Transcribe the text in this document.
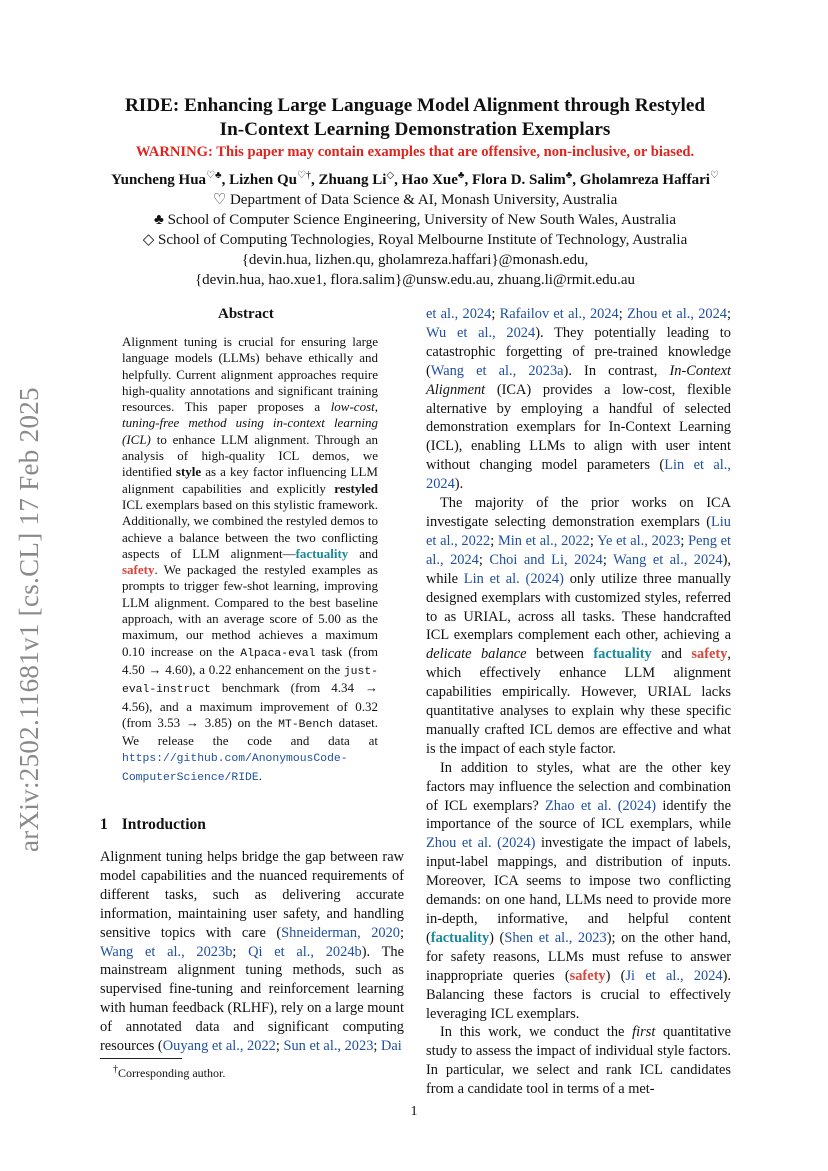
arXiv:2502.11681v1 [cs.CL] 17 Feb 2025
RIDE: Enhancing Large Language Model Alignment through Restyled
In-Context Learning Demonstration Exemplars
WARNING: This paper may contain examples that are offensive, non-inclusive, or biased.
Yuncheng Hua♡♣, Lizhen Qu♡†, Zhuang Li◇, Hao Xue♣, Flora D. Salim♣, Gholamreza Haffari♡
♡ Department of Data Science & AI, Monash University, Australia
♣ School of Computer Science Engineering, University of New South Wales, Australia
◇ School of Computing Technologies, Royal Melbourne Institute of Technology, Australia
{devin.hua, lizhen.qu, gholamreza.haffari}@monash.edu,
{devin.hua, hao.xue1, flora.salim}@unsw.edu.au, zhuang.li@rmit.edu.au
Abstract
Alignment tuning is crucial for ensuring large language models (LLMs) behave ethically and helpfully. Current alignment approaches require high-quality annotations and significant training resources. This paper proposes a low-cost, tuning-free method using in-context learning (ICL) to enhance LLM alignment. Through an analysis of high-quality ICL demos, we identified style as a key factor influencing LLM alignment capabilities and explicitly restyled ICL exemplars based on this stylistic framework. Additionally, we combined the restyled demos to achieve a balance between the two conflicting aspects of LLM alignment—factuality and safety. We packaged the restyled examples as prompts to trigger few-shot learning, improving LLM alignment. Compared to the best baseline approach, with an average score of 5.00 as the maximum, our method achieves a maximum 0.10 increase on the Alpaca-eval task (from 4.50 → 4.60), a 0.22 enhancement on the just-eval-instruct benchmark (from 4.34 → 4.56), and a maximum improvement of 0.32 (from 3.53 → 3.85) on the MT-Bench dataset. We release the code and data at https://github.com/AnonymousCode-ComputerScience/RIDE.
1 Introduction
Alignment tuning helps bridge the gap between raw model capabilities and the nuanced requirements of different tasks, such as delivering accurate information, maintaining user safety, and handling sensitive topics with care (Shneiderman, 2020; Wang et al., 2023b; Qi et al., 2024b). The mainstream alignment tuning methods, such as supervised fine-tuning and reinforcement learning with human feedback (RLHF), rely on a large mount of annotated data and significant computing resources (Ouyang et al., 2022; Sun et al., 2023; Dai
†Corresponding author.

et al., 2024; Rafailov et al., 2024; Zhou et al., 2024; Wu et al., 2024). They potentially leading to catastrophic forgetting of pre-trained knowledge (Wang et al., 2023a). In contrast, In-Context Alignment (ICA) provides a low-cost, flexible alternative by employing a handful of selected demonstration exemplars for In-Context Learning (ICL), enabling LLMs to align with user intent without changing model parameters (Lin et al., 2024).

The majority of the prior works on ICA investigate selecting demonstration exemplars (Liu et al., 2022; Min et al., 2022; Ye et al., 2023; Peng et al., 2024; Choi and Li, 2024; Wang et al., 2024), while Lin et al. (2024) only utilize three manually designed exemplars with customized styles, referred to as URIAL, across all tasks. These handcrafted ICL exemplars complement each other, achieving a delicate balance between factuality and safety, which effectively enhance LLM alignment capabilities empirically. However, URIAL lacks quantitative analyses to explain why these specific manually crafted ICL demos are effective and what is the impact of each style factor.

In addition to styles, what are the other key factors may influence the selection and combination of ICL exemplars? Zhao et al. (2024) identify the importance of the source of ICL exemplars, while Zhou et al. (2024) investigate the impact of labels, input-label mappings, and distribution of inputs. Moreover, ICA seems to impose two conflicting demands: on one hand, LLMs need to provide more in-depth, informative, and helpful content (factuality) (Shen et al., 2023); on the other hand, for safety reasons, LLMs must refuse to answer inappropriate queries (safety) (Ji et al., 2024). Balancing these factors is crucial to effectively leveraging ICL exemplars.

In this work, we conduct the first quantitative study to assess the impact of individual style factors. In particular, we select and rank ICL candidates from a candidate tool in terms of a met-

1
